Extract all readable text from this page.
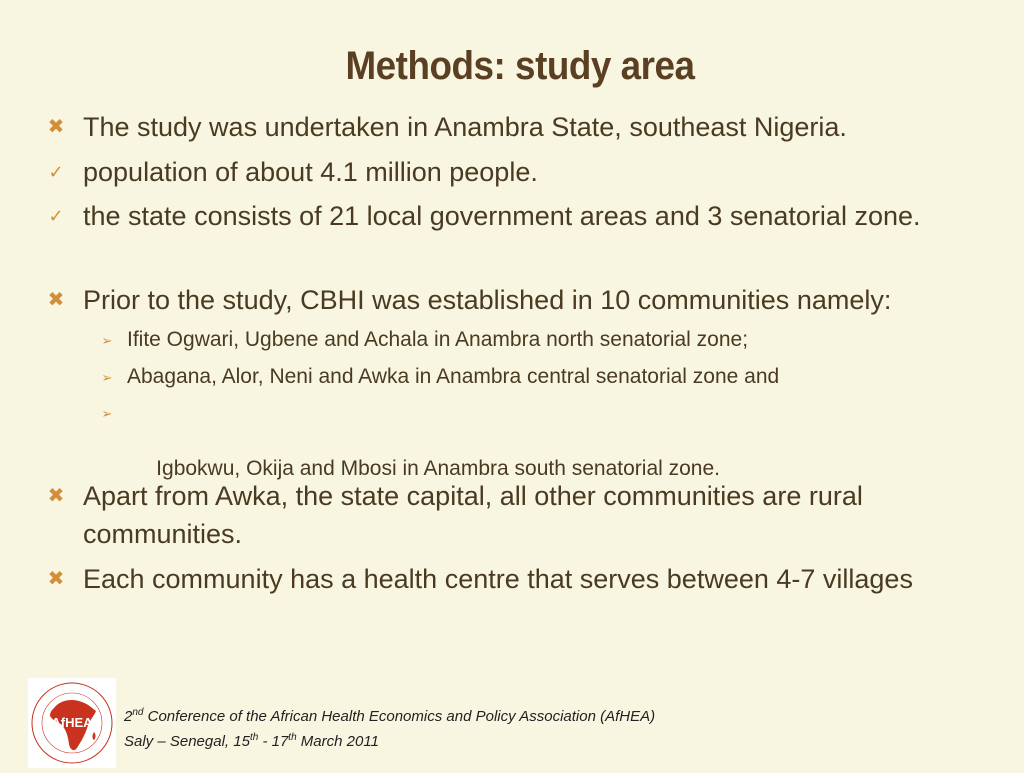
Methods: study area
✖ The study was undertaken in Anambra State, southeast Nigeria.
✓ population of about 4.1 million people.
✓ the state consists of 21 local government areas and 3 senatorial zone.
✖ Prior to the study, CBHI was established in 10 communities namely:
➢ Ifite Ogwari, Ugbene and Achala in Anambra north senatorial zone;
➢ Abagana, Alor, Neni and Awka in Anambra central senatorial zone and

➢

Igbokwu, Okija and Mbosi in Anambra south senatorial zone.

✖ Apart from Awka, the state capital, all other communities are rural communities.
✖ Each community has a health centre that serves between 4-7 villages
AfHEA 2nd Conference of the African Health Economics and Policy Association (AfHEA)
Saly – Senegal, 15th - 17th March 2011
